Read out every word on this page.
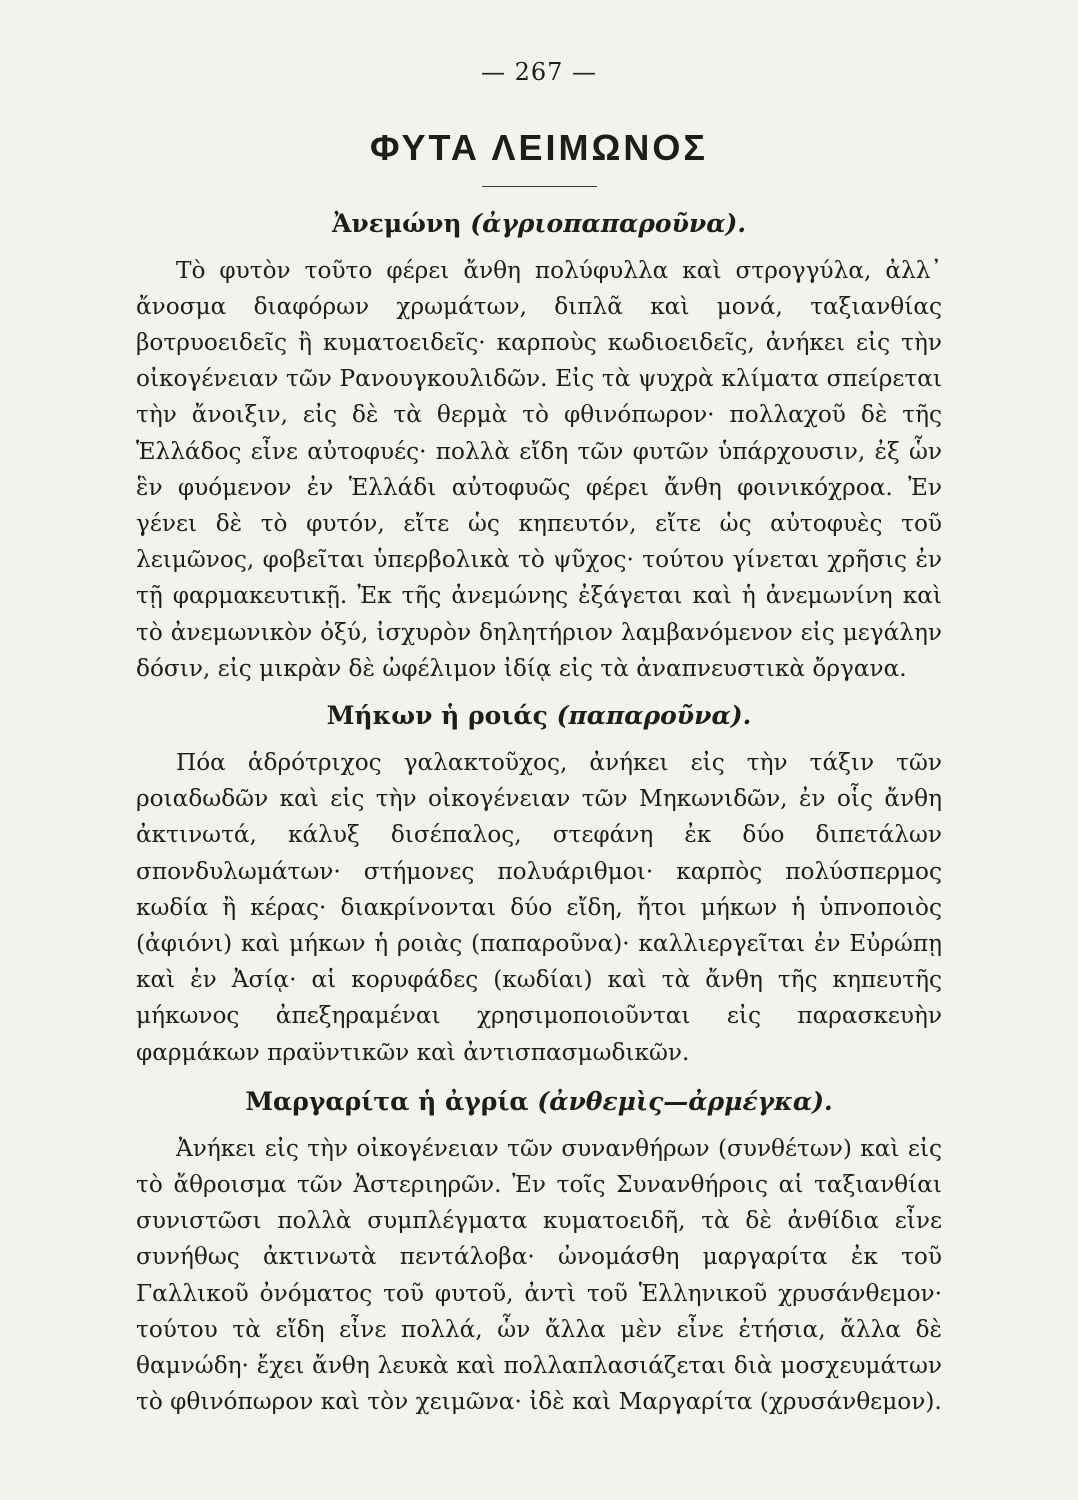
— 267 —
ΦΥΤΑ ΛΕΙΜΩΝΟΣ
Ἀνεμώνη (ἀγριοπαπαροῦνα).

Τὸ φυτὸν τοῦτο φέρει ἄνθη πολύφυλλα καὶ στρογγύλα, ἀλλ᾽ ἄνοσμα διαφόρων χρωμάτων, διπλᾶ καὶ μονά, ταξιανθίας βοτρυοειδεῖς ἢ κυματοειδεῖς· καρποὺς κωδιοειδεῖς, ἀνήκει εἰς τὴν οἰκογένειαν τῶν Ρανουγκουλιδῶν. Εἰς τὰ ψυχρὰ κλίματα σπείρεται τὴν ἄνοιξιν, εἰς δὲ τὰ θερμὰ τὸ φθινόπωρον· πολλαχοῦ δὲ τῆς Ἑλλάδος εἶνε αὐτοφυές· πολλὰ εἴδη τῶν φυτῶν ὑπάρχουσιν, ἐξ ὧν ἓν φυόμενον ἐν Ἑλλάδι αὐτοφυῶς φέρει ἄνθη φοινικόχροα. Ἐν γένει δὲ τὸ φυτόν, εἴτε ὡς κηπευτόν, εἴτε ὡς αὐτοφυὲς τοῦ λειμῶνος, φοβεῖται ὑπερβολικὰ τὸ ψῦχος· τούτου γίνεται χρῆσις ἐν τῇ φαρμακευτικῇ. Ἐκ τῆς ἀνεμώνης ἐξάγεται καὶ ἡ ἀνεμωνίνη καὶ τὸ ἀνεμωνικὸν ὀξύ, ἰσχυρὸν δηλητήριον λαμβανόμενον εἰς μεγάλην δόσιν, εἰς μικρὰν δὲ ὠφέλιμον ἰδίᾳ εἰς τὰ ἀναπνευστικὰ ὄργανα.

Μήκων ἡ ροιάς (παπαροῦνα).

Πόα ἁδρότριχος γαλακτοῦχος, ἀνήκει εἰς τὴν τάξιν τῶν ροιαδωδῶν καὶ εἰς τὴν οἰκογένειαν τῶν Μηκωνιδῶν, ἐν οἷς ἄνθη ἀκτινωτά, κάλυξ δισέπαλος, στεφάνη ἐκ δύο διπετάλων σπονδυλωμάτων· στήμονες πολυάριθμοι· καρπὸς πολύσπερμος κωδία ἢ κέρας· διακρίνονται δύο εἴδη, ἤτοι μήκων ἡ ὑπνοποιὸς (ἀφιόνι) καὶ μήκων ἡ ροιὰς (παπαροῦνα)· καλλιεργεῖται ἐν Εὐρώπῃ καὶ ἐν Ἀσίᾳ· αἱ κορυφάδες (κωδίαι) καὶ τὰ ἄνθη τῆς κηπευτῆς μήκωνος ἀπεξηραμέναι χρησιμοποιοῦνται εἰς παρασκευὴν φαρμάκων πραϋντικῶν καὶ ἀντισπασμωδικῶν.

Μαργαρίτα ἡ ἀγρία (ἀνθεμὶς—ἀρμέγκα).

Ἀνήκει εἰς τὴν οἰκογένειαν τῶν συνανθήρων (συνθέτων) καὶ εἰς τὸ ἄθροισμα τῶν Ἀστεριηρῶν. Ἐν τοῖς Συνανθήροις αἱ ταξιανθίαι συνιστῶσι πολλὰ συμπλέγματα κυματοειδῆ, τὰ δὲ ἀνθίδια εἶνε συνήθως ἀκτινωτὰ πεντάλοβα· ὠνομάσθη μαργαρίτα ἐκ τοῦ Γαλλικοῦ ὀνόματος τοῦ φυτοῦ, ἀντὶ τοῦ Ἑλληνικοῦ χρυσάνθεμον· τούτου τὰ εἴδη εἶνε πολλά, ὧν ἄλλα μὲν εἶνε ἐτήσια, ἄλλα δὲ θαμνώδη· ἔχει ἄνθη λευκὰ καὶ πολλαπλασιάζεται διὰ μοσχευμάτων τὸ φθινόπωρον καὶ τὸν χειμῶνα· ἰδὲ καὶ Μαργαρίτα (χρυσάνθεμον).
